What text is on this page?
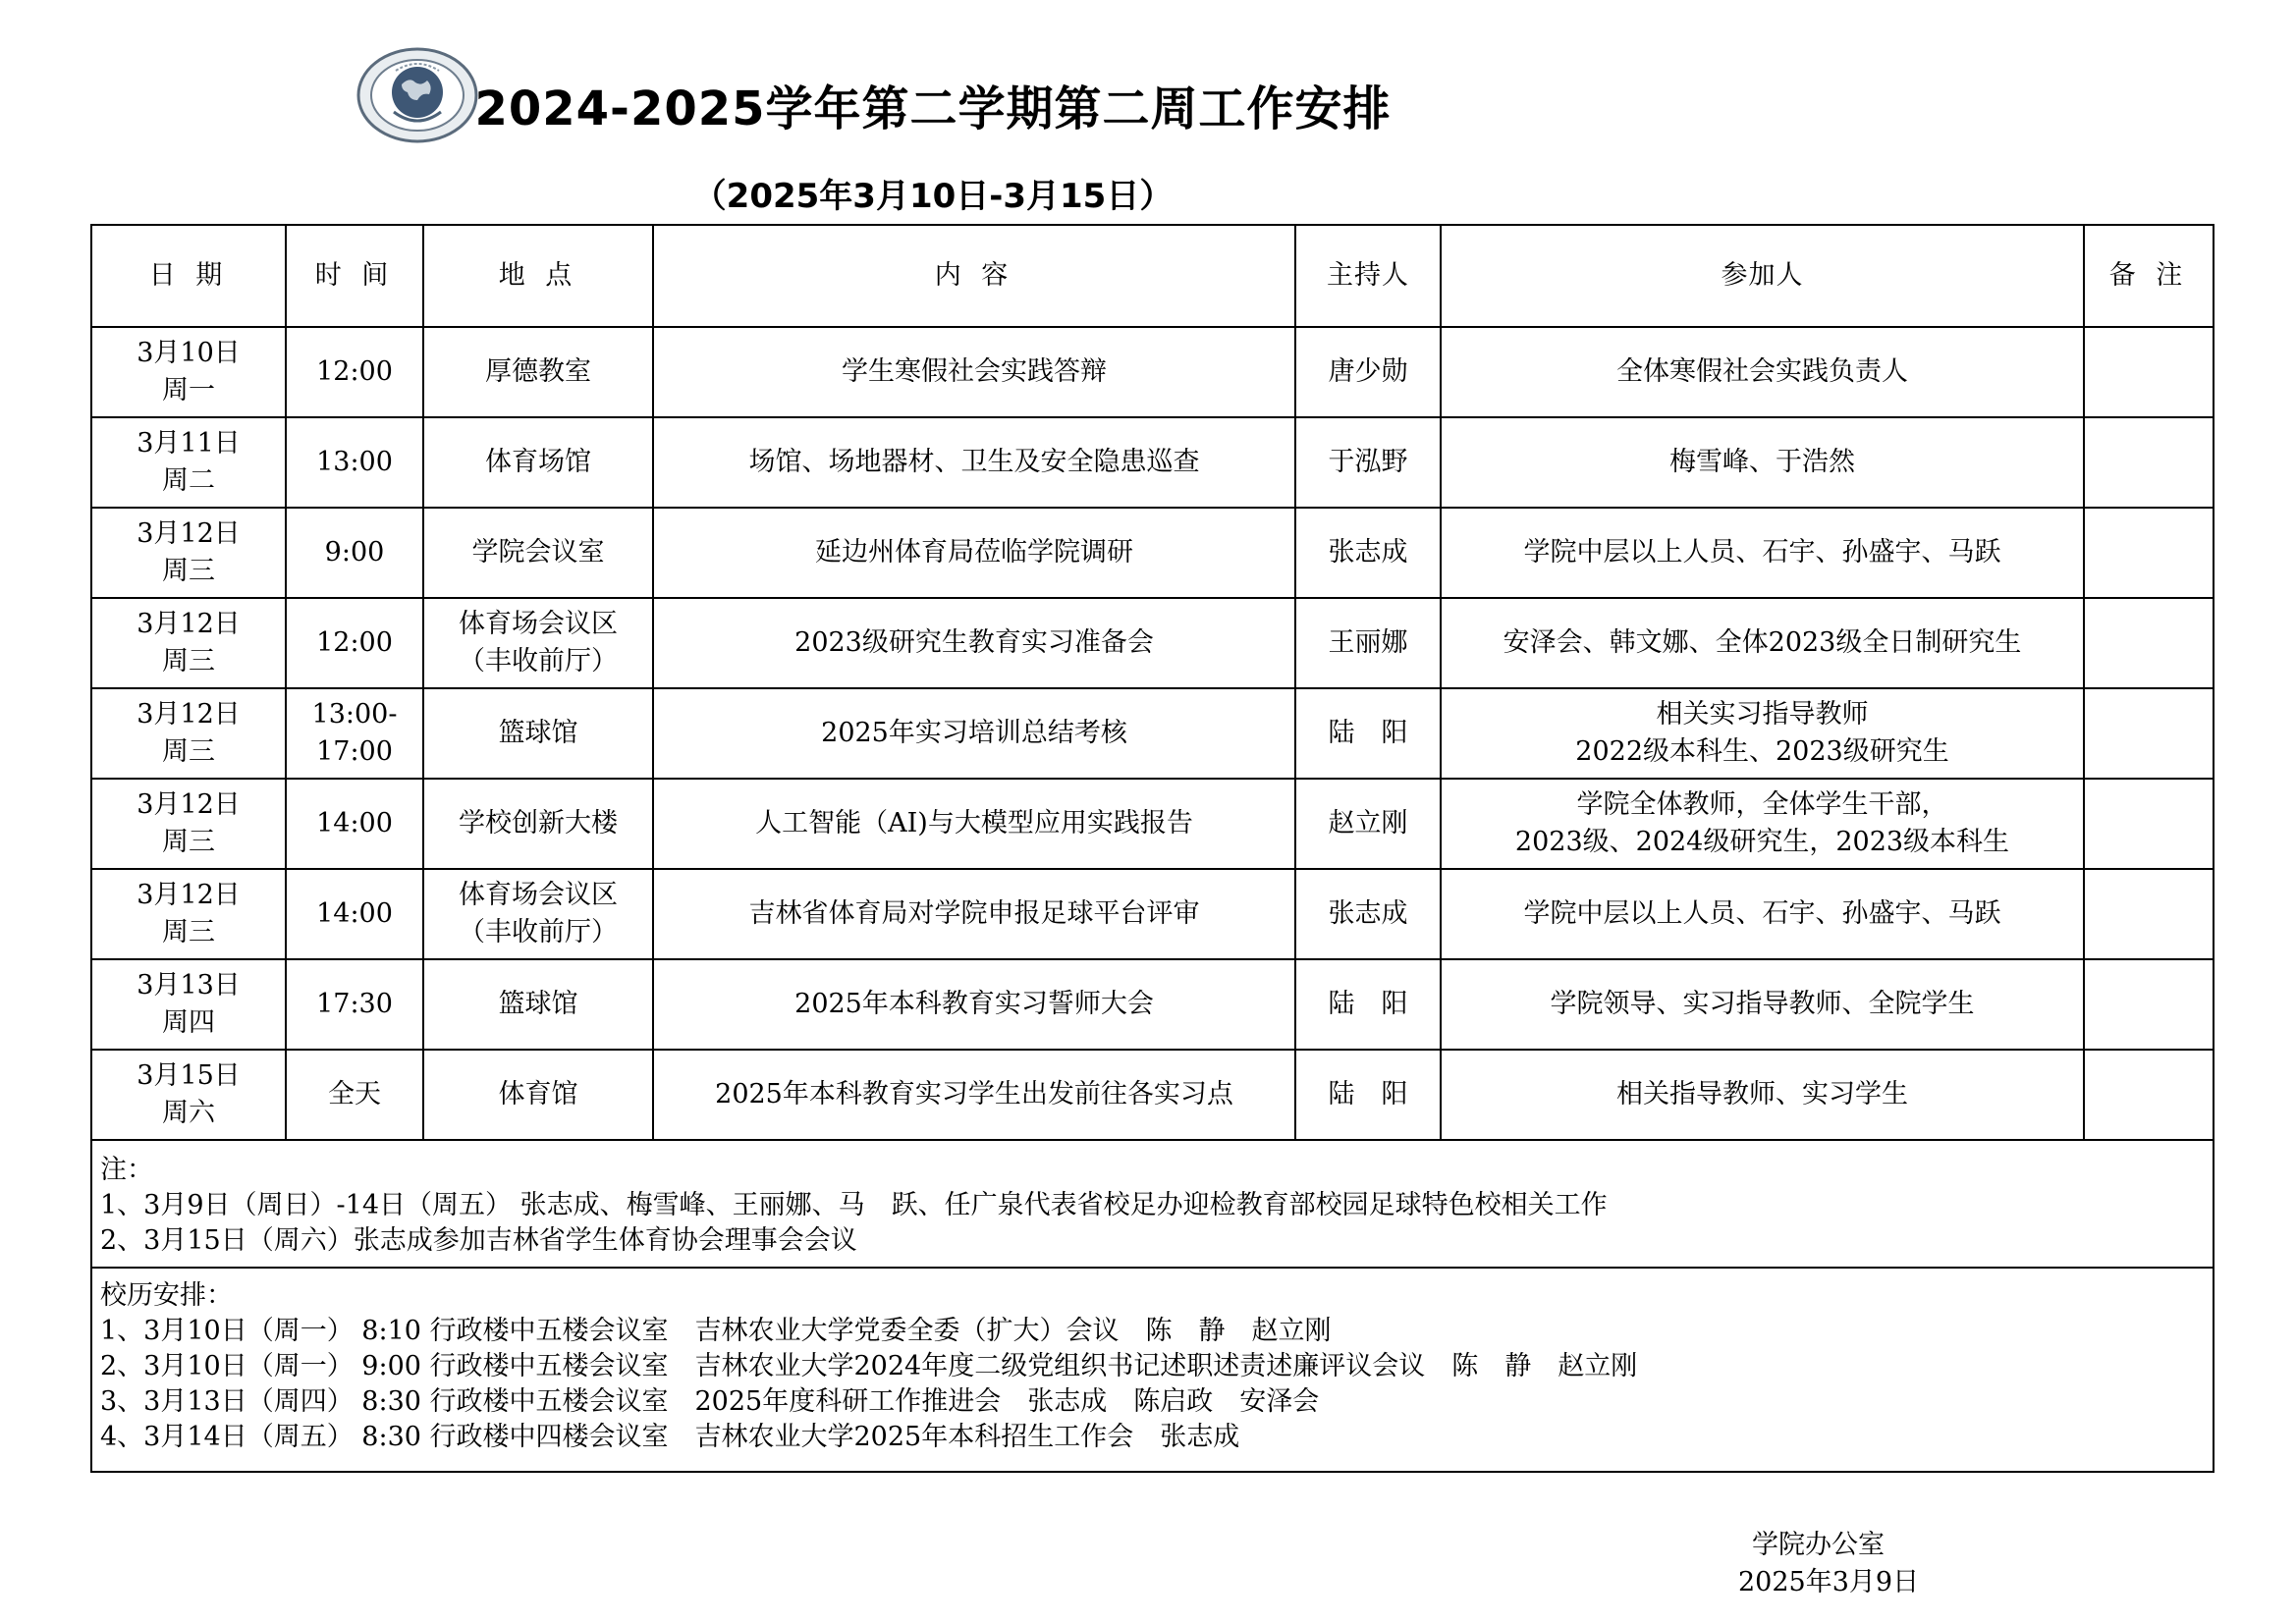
2024-2025学年第二学期第二周工作安排
（2025年3月10日-3月15日）
日 期	时 间	地 点	内 容	主持人	参加人	备 注

3月10日
周一	12:00	厚德教室	学生寒假社会实践答辩	唐少勋	全体寒假社会实践负责人	

3月11日
周二	13:00	体育场馆	场馆、场地器材、卫生及安全隐患巡查	于泓野	梅雪峰、于浩然	

3月12日
周三	9:00	学院会议室	延边州体育局莅临学院调研	张志成	学院中层以上人员、石宇、孙盛宇、马跃	

3月12日
周三	12:00	体育场会议区
（丰收前厅）	2023级研究生教育实习准备会	王丽娜	安泽会、韩文娜、全体2023级全日制研究生	

3月12日
周三	13:00-
17:00	篮球馆	2025年实习培训总结考核	陆　阳	相关实习指导教师
2022级本科生、2023级研究生	

3月12日
周三	14:00	学校创新大楼	人工智能（AI)与大模型应用实践报告	赵立刚	学院全体教师，全体学生干部，
2023级、2024级研究生，2023级本科生	

3月12日
周三	14:00	体育场会议区
（丰收前厅）	吉林省体育局对学院申报足球平台评审	张志成	学院中层以上人员、石宇、孙盛宇、马跃	

3月13日
周四	17:30	篮球馆	2025年本科教育实习誓师大会	陆　阳	学院领导、实习指导教师、全院学生	

3月15日
周六	全天	体育馆	2025年本科教育实习学生出发前往各实习点	陆　阳	相关指导教师、实习学生	

注：
1、3月9日（周日）-14日（周五） 张志成、梅雪峰、王丽娜、马　跃、任广泉代表省校足办迎检教育部校园足球特色校相关工作
2、3月15日（周六）张志成参加吉林省学生体育协会理事会会议						

校历安排：
1、3月10日（周一） 8:10 行政楼中五楼会议室　吉林农业大学党委全委（扩大）会议　陈　静　赵立刚
2、3月10日（周一） 9:00 行政楼中五楼会议室　吉林农业大学2024年度二级党组织书记述职述责述廉评议会议　陈　静　赵立刚
3、3月13日（周四） 8:30 行政楼中五楼会议室　2025年度科研工作推进会　张志成　陈启政　安泽会
4、3月14日（周五） 8:30 行政楼中四楼会议室　吉林农业大学2025年本科招生工作会　张志成						
学院办公室
2025年3月9日
